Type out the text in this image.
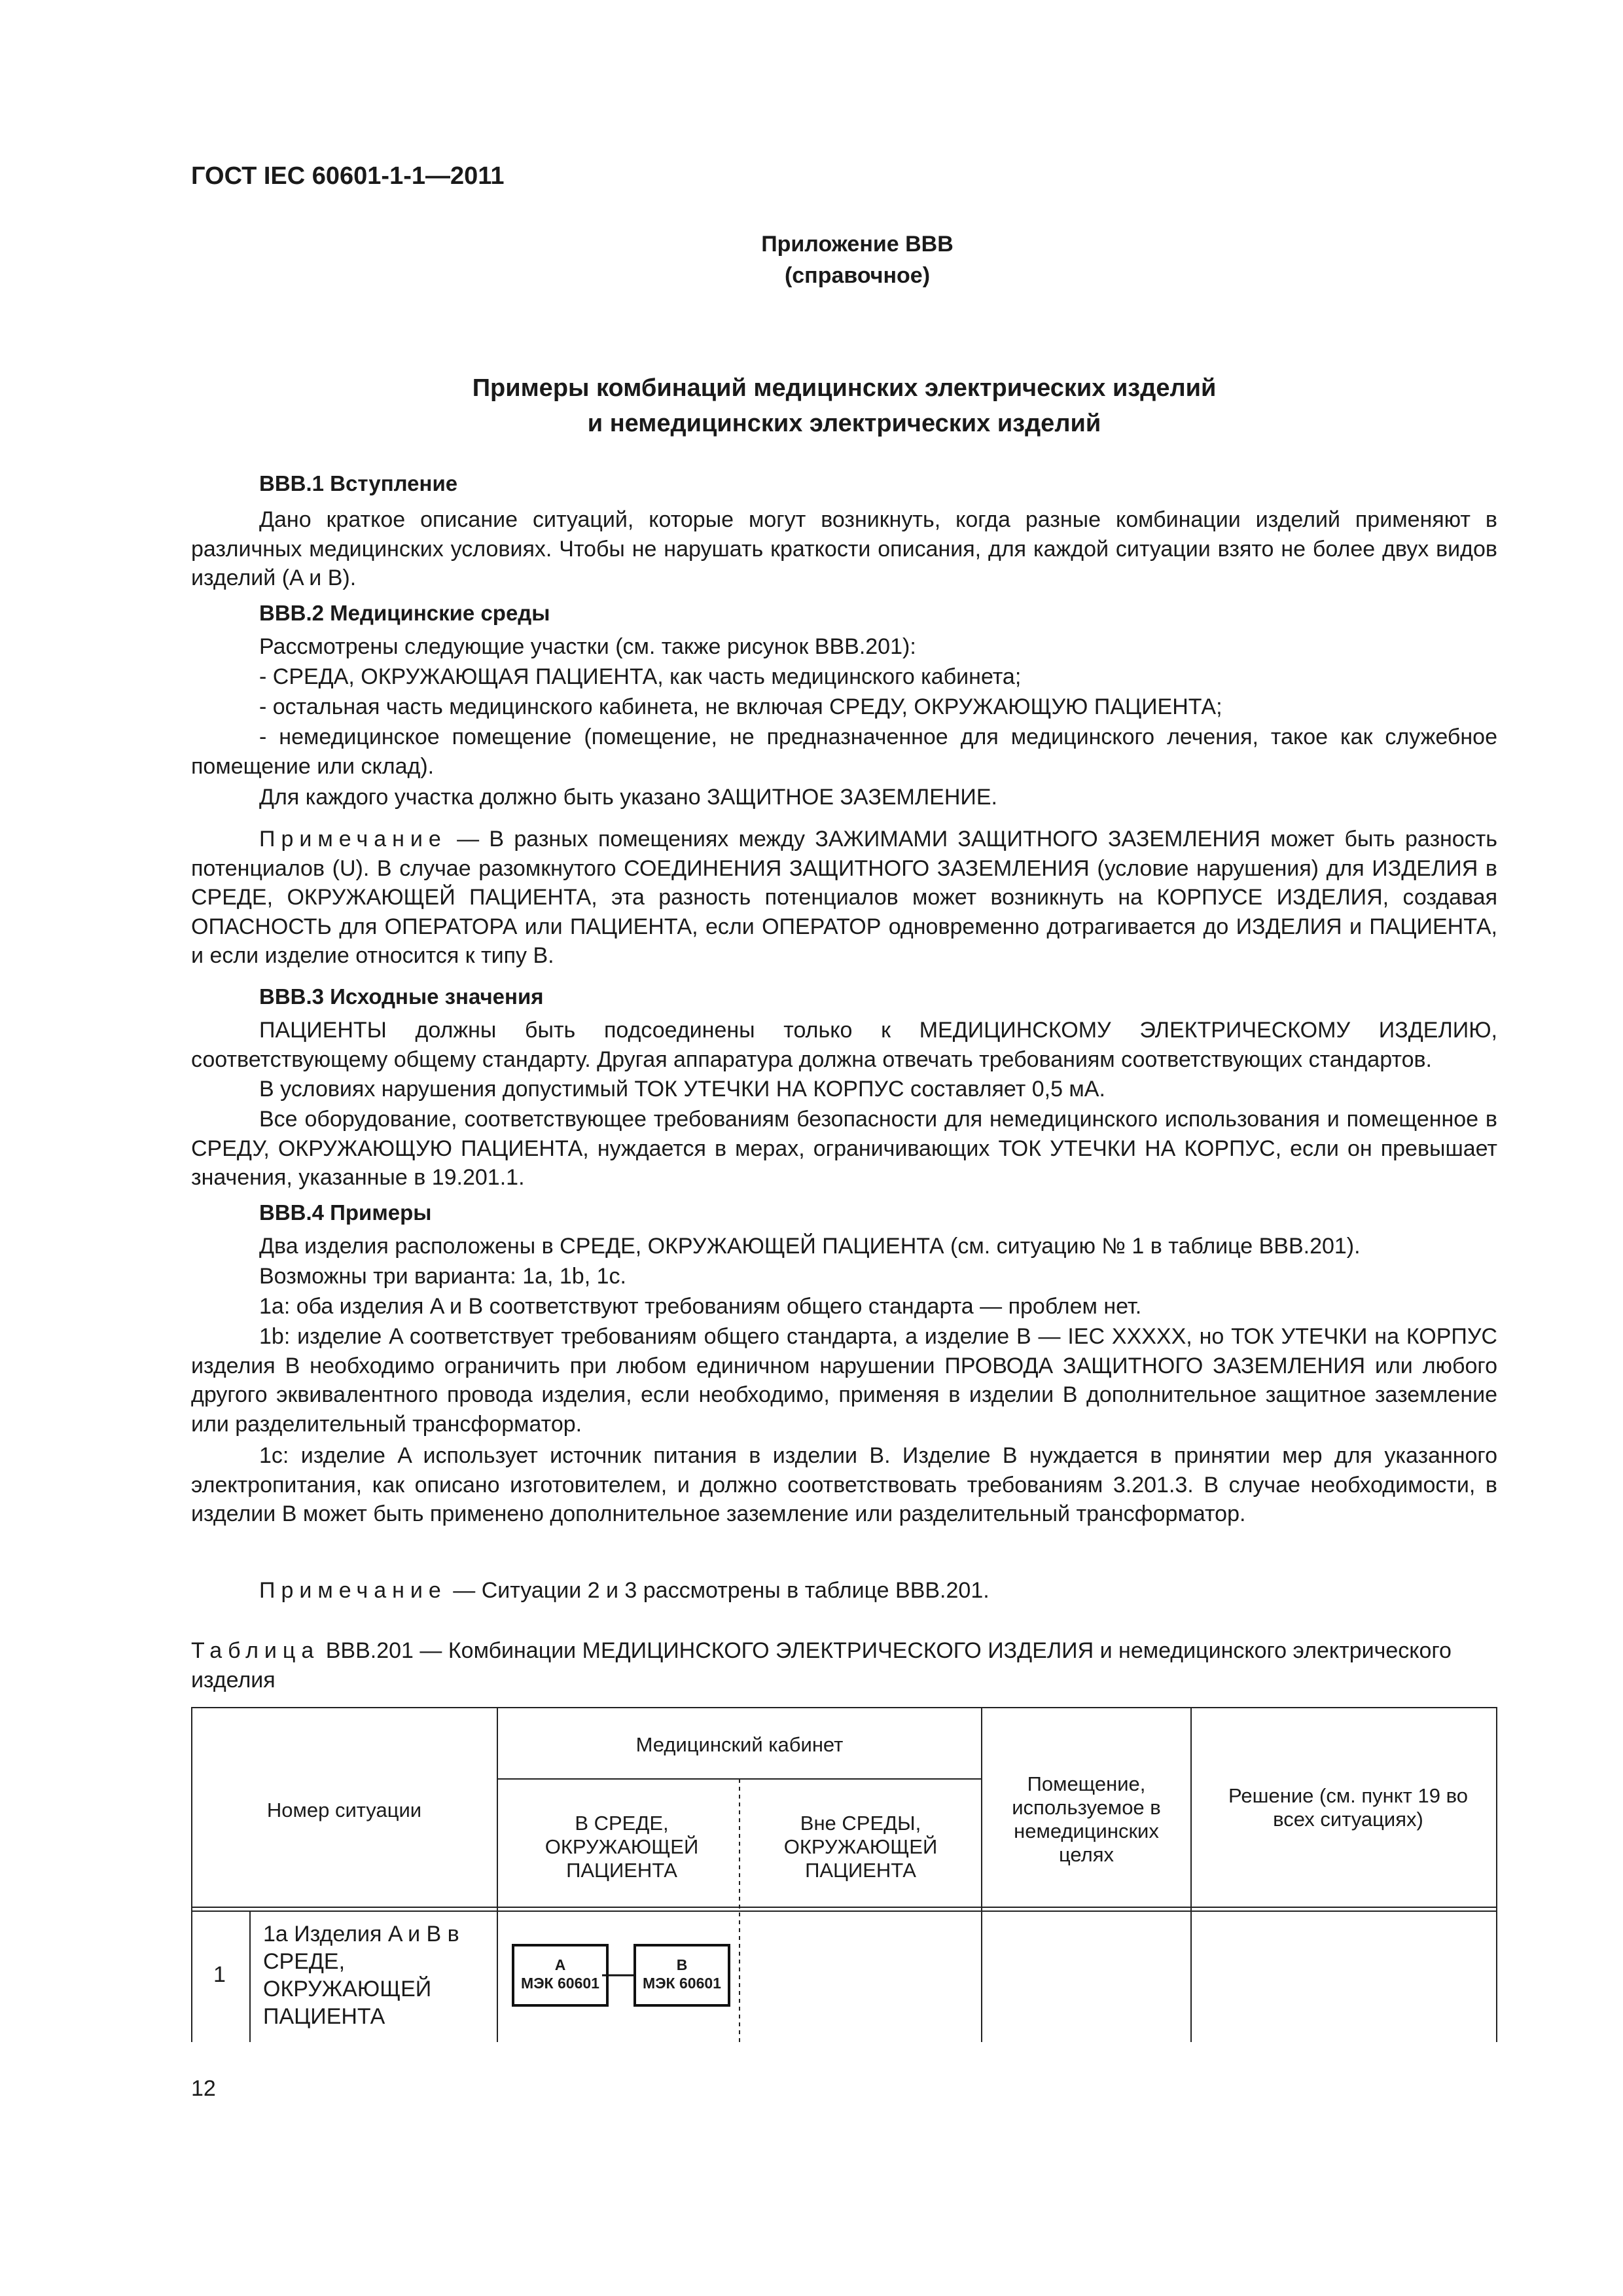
ГОСТ IEC 60601-1-1—2011
Приложение ВВВ
(справочное)
Примеры комбинаций медицинских электрических изделий
и немедицинских электрических изделий
ВВВ.1 Вступление
Дано краткое описание ситуаций, которые могут возникнуть, когда разные комбинации изделий применяют в различных медицинских условиях. Чтобы не нарушать краткости описания, для каждой ситуации взято не более двух видов изделий (A и B).
ВВВ.2 Медицинские среды
Рассмотрены следующие участки (см. также рисунок ВВВ.201):
- СРЕДА, ОКРУЖАЮЩАЯ ПАЦИЕНТА, как часть медицинского кабинета;
- остальная часть медицинского кабинета, не включая СРЕДУ, ОКРУЖАЮЩУЮ ПАЦИЕНТА;
- немедицинское помещение (помещение, не предназначенное для медицинского лечения, такое как служебное помещение или склад).
Для каждого участка должно быть указано ЗАЩИТНОЕ ЗАЗЕМЛЕНИЕ.
Примечание — В разных помещениях между ЗАЖИМАМИ ЗАЩИТНОГО ЗАЗЕМЛЕНИЯ может быть разность потенциалов (U). В случае разомкнутого СОЕДИНЕНИЯ ЗАЩИТНОГО ЗАЗЕМЛЕНИЯ (условие нарушения) для ИЗДЕЛИЯ в СРЕДЕ, ОКРУЖАЮЩЕЙ ПАЦИЕНТА, эта разность потенциалов может возникнуть на КОРПУСЕ ИЗДЕЛИЯ, создавая ОПАСНОСТЬ для ОПЕРАТОРА или ПАЦИЕНТА, если ОПЕРАТОР одновременно дотрагивается до ИЗДЕЛИЯ и ПАЦИЕНТА, и если изделие относится к типу B.
ВВВ.3 Исходные значения
ПАЦИЕНТЫ должны быть подсоединены только к МЕДИЦИНСКОМУ ЭЛЕКТРИЧЕСКОМУ ИЗДЕЛИЮ, соответствующему общему стандарту. Другая аппаратура должна отвечать требованиям соответствующих стандартов.
В условиях нарушения допустимый ТОК УТЕЧКИ НА КОРПУС составляет 0,5 мА.
Все оборудование, соответствующее требованиям безопасности для немедицинского использования и помещенное в СРЕДУ, ОКРУЖАЮЩУЮ ПАЦИЕНТА, нуждается в мерах, ограничивающих ТОК УТЕЧКИ НА КОРПУС, если он превышает значения, указанные в 19.201.1.
ВВВ.4 Примеры
Два изделия расположены в СРЕДЕ, ОКРУЖАЮЩЕЙ ПАЦИЕНТА (см. ситуацию № 1 в таблице ВВВ.201).
Возможны три варианта: 1a, 1b, 1c.
1a: оба изделия A и B соответствуют требованиям общего стандарта — проблем нет.
1b: изделие A соответствует требованиям общего стандарта, а изделие B — IEC XXXXX, но ТОК УТЕЧКИ на КОРПУС изделия B необходимо ограничить при любом единичном нарушении ПРОВОДА ЗАЩИТНОГО ЗАЗЕМЛЕНИЯ или любого другого эквивалентного провода изделия, если необходимо, применяя в изделии B дополнительное защитное заземление или разделительный трансформатор.
1c: изделие A использует источник питания в изделии B. Изделие B нуждается в принятии мер для указанного электропитания, как описано изготовителем, и должно соответствовать требованиям 3.201.3. В случае необходимости, в изделии B может быть применено дополнительное заземление или разделительный трансформатор.
Примечание — Ситуации 2 и 3 рассмотрены в таблице ВВВ.201.
Таблица ВВВ.201 — Комбинации МЕДИЦИНСКОГО ЭЛЕКТРИЧЕСКОГО ИЗДЕЛИЯ и немедицинского электрического изделия
Номер ситуации
Медицинский кабинет
В СРЕДЕ, ОКРУЖАЮЩЕЙ ПАЦИЕНТА
Вне СРЕДЫ, ОКРУЖАЮЩЕЙ ПАЦИЕНТА
Помещение, используемое в немедицинских целях
Решение (см. пункт 19 во всех ситуациях)
1
1a Изделия A и B в СРЕДЕ, ОКРУЖАЮЩЕЙ ПАЦИЕНТА
A
МЭК 60601
B
МЭК 60601
12
